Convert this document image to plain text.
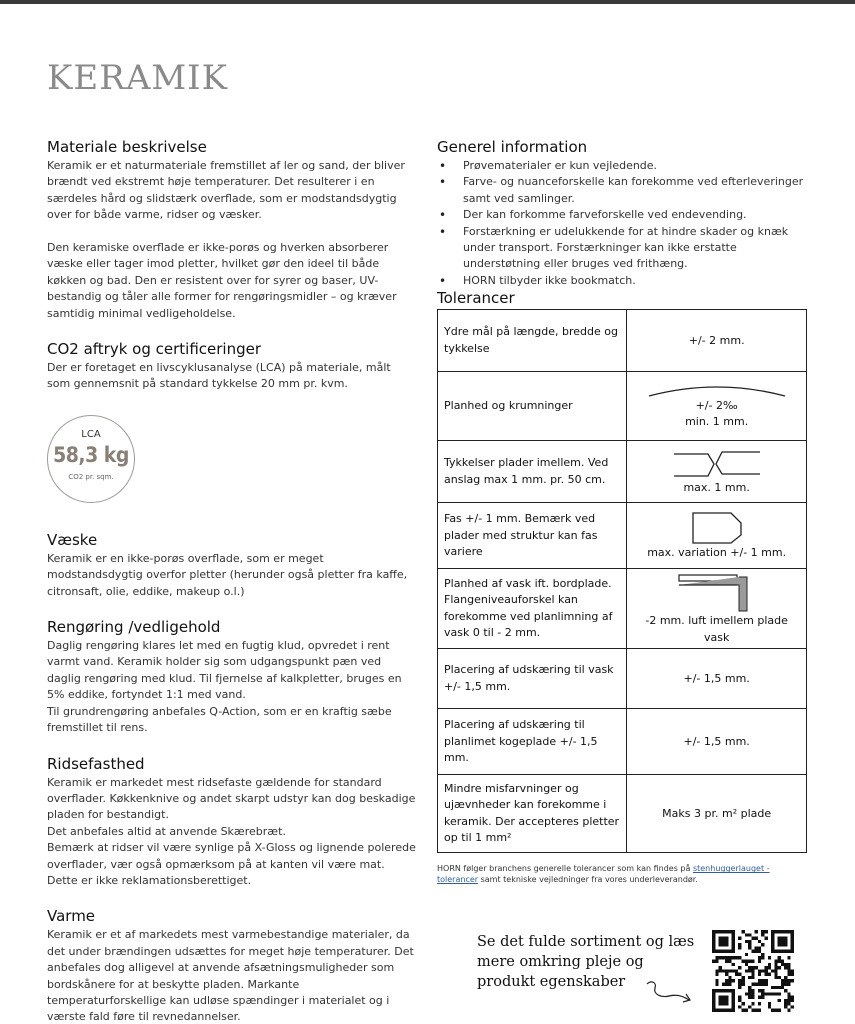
KERAMIK
Materiale beskrivelse

Keramik er et naturmateriale fremstillet af ler og sand, der bliver brændt ved ekstremt høje temperaturer. Det resulterer i en særdeles hård og slidstærk overflade, som er modstandsdygtig over for både varme, ridser og væsker.

Den keramiske overflade er ikke-porøs og hverken absorberer væske eller tager imod pletter, hvilket gør den ideel til både køkken og bad. Den er resistent over for syrer og baser, UV-bestandig og tåler alle former for rengøringsmidler – og kræver samtidig minimal vedligeholdelse.

CO2 aftryk og certificeringer

Der er foretaget en livscyklusanalyse (LCA) på materiale, målt som gennemsnit på standard tykkelse 20 mm pr. kvm.

LCA
58,3 kg
CO2 pr. sqm.
Væske

Keramik er en ikke-porøs overflade, som er meget modstandsdygtig overfor pletter (herunder også pletter fra kaffe, citronsaft, olie, eddike, makeup o.l.)

Rengøring /vedligehold

Daglig rengøring klares let med en fugtig klud, opvredet i rent varmt vand. Keramik holder sig som udgangspunkt pæn ved daglig rengøring med klud. Til fjernelse af kalkpletter, bruges en 5% eddike, fortyndet 1:1 med vand.

Til grundrengøring anbefales Q-Action, som er en kraftig sæbe fremstillet til rens.

Ridsefasthed

Keramik er markedet mest ridsefaste gældende for standard overflader. Køkkenknive og andet skarpt udstyr kan dog beskadige pladen for bestandigt.

Det anbefales altid at anvende Skærebræt.

Bemærk at ridser vil være synlige på X-Gloss og lignende polerede overflader, vær også opmærksom på at kanten vil være mat. Dette er ikke reklamationsberettiget.

Varme

Keramik er et af markedets mest varmebestandige materialer, da det under brændingen udsættes for meget høje temperaturer. Det anbefales dog alligevel at anvende afsætningsmuligheder som bordskånere for at beskytte pladen. Markante temperaturforskellige kan udløse spændinger i materialet og i værste fald føre til revnedannelser.

Generel information
• Prøvematerialer er kun vejledende.
• Farve- og nuanceforskelle kan forekomme ved efterleveringer samt ved samlinger.
• Der kan forkomme farveforskelle ved endevending.
• Forstærkning er udelukkende for at hindre skader og knæk under transport. Forstærkninger kan ikke erstatte understøtning eller bruges ved frithæng.
• HORN tilbyder ikke bookmatch.
Tolerancer
Ydre mål på længde, bredde og tykkelse	+/- 2 mm.

Planhed og krumninger	+/- 2‰
min. 1 mm.

Tykkelser plader imellem. Ved anslag max 1 mm. pr. 50 cm.	max. 1 mm.

Fas +/- 1 mm. Bemærk ved plader med struktur kan fas variere	max. variation +/- 1 mm.

Planhed af vask ift. bordplade. Flangeniveauforskel kan forekomme ved planlimning af vask 0 til - 2 mm.	-2 mm. luft imellem plade vask

Placering af udskæring til vask +/- 1,5 mm.	+/- 1,5 mm.

Placering af udskæring til planlimet kogeplade +/- 1,5 mm.	+/- 1,5 mm.

Mindre misfarvninger og ujævnheder kan forekomme i keramik. Der accepteres pletter op til 1 mm²	Maks 3 pr. m² plade

HORN følger branchens generelle tolerancer som kan findes på stenhuggerlauget - tolerancer samt tekniske vejledninger fra vores underleverandør.

Se det fulde sortiment og læs mere omkring pleje og produkt egenskaber
